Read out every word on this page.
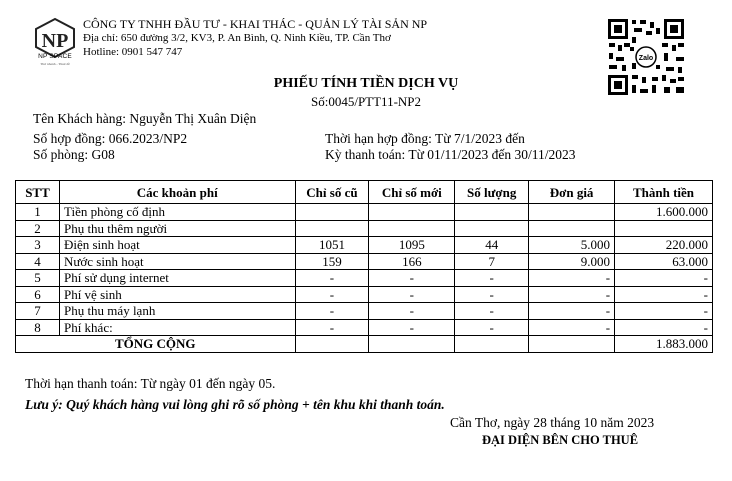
NP
NP SPACE
Thư nhanh - Thuê dễ
CÔNG TY TNHH ĐẦU TƯ - KHAI THÁC - QUẢN LÝ TÀI SẢN NP
Địa chỉ: 650 đường 3/2, KV3, P. An Bình, Q. Ninh Kiều, TP. Cần Thơ
Hotline: 0901 547 747
Zalo
PHIẾU TÍNH TIỀN DỊCH VỤ
Số:0045/PTT11-NP2
Tên Khách hàng: Nguyễn Thị Xuân Diện
Số hợp đồng: 066.2023/NP2
Số phòng: G08
Thời hạn hợp đồng: Từ 7/1/2023 đến
Kỳ thanh toán: Từ 01/11/2023 đến 30/11/2023
STT	Các khoản phí	Chỉ số cũ	Chỉ số mới	Số lượng	Đơn giá	Thành tiền
1	Tiền phòng cố định					1.600.000
2	Phụ thu thêm người					
3	Điện sinh hoạt	1051	1095	44	5.000	220.000
4	Nước sinh hoạt	159	166	7	9.000	63.000
5	Phí sử dụng internet	-	-	-	-	-
6	Phí vệ sinh	-	-	-	-	-
7	Phụ thu máy lạnh	-	-	-	-	-
8	Phí khác:	-	-	-	-	-
TỔNG CỘNG						1.883.000
Thời hạn thanh toán: Từ ngày 01 đến ngày 05.
Lưu ý: Quý khách hàng vui lòng ghi rõ số phòng + tên khu khi thanh toán.
Cần Thơ, ngày 28 tháng 10 năm 2023
ĐẠI DIỆN BÊN CHO THUÊ
